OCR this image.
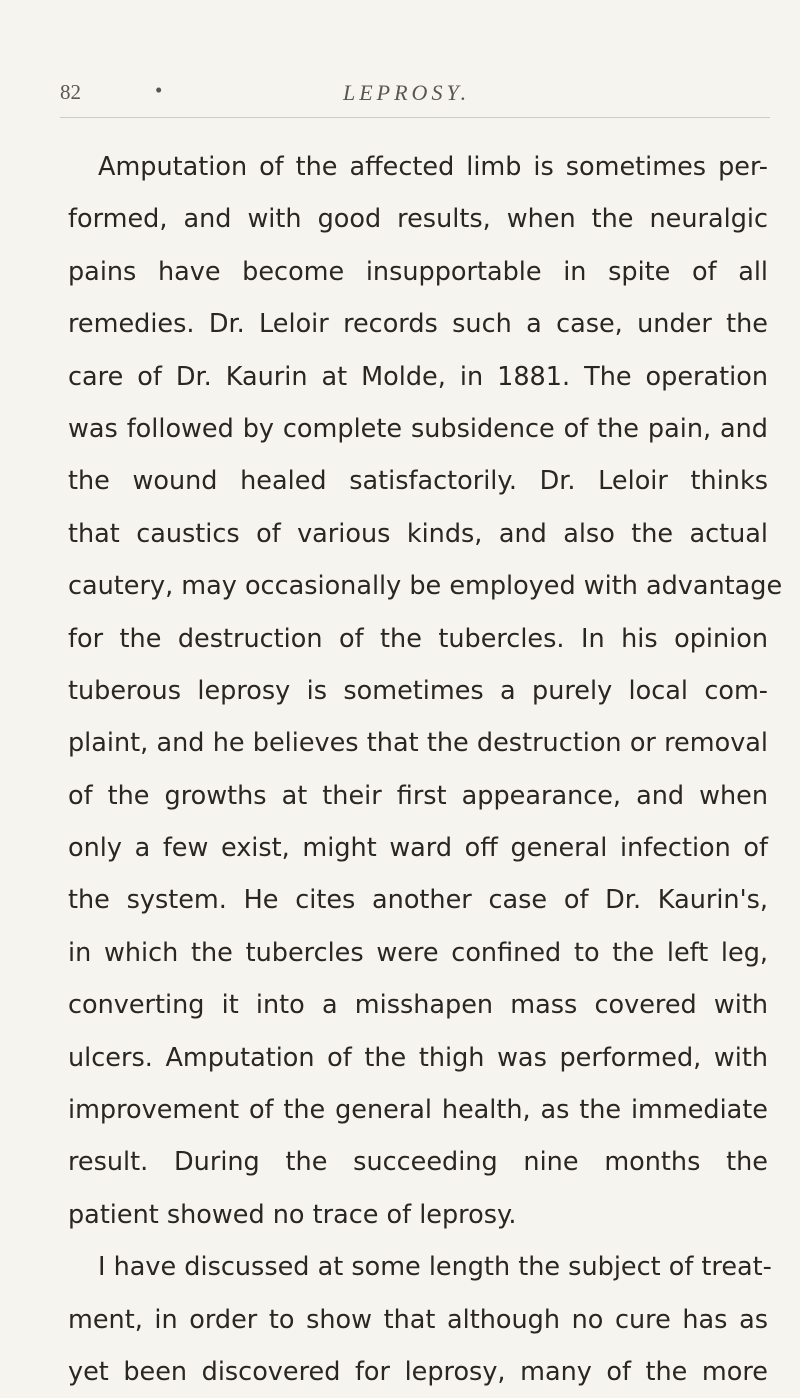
82	•	LEPROSY.
Amputation of the affected limb is sometimes per-
formed, and with good results, when the neuralgic
pains have become insupportable in spite of all
remedies. Dr. Leloir records such a case, under the
care of Dr. Kaurin at Molde, in 1881. The operation
was followed by complete subsidence of the pain, and
the wound healed satisfactorily. Dr. Leloir thinks
that caustics of various kinds, and also the actual
cautery, may occasionally be employed with advantage
for the destruction of the tubercles. In his opinion
tuberous leprosy is sometimes a purely local com-
plaint, and he believes that the destruction or removal
of the growths at their first appearance, and when
only a few exist, might ward off general infection of
the system. He cites another case of Dr. Kaurin's,
in which the tubercles were confined to the left leg,
converting it into a misshapen mass covered with
ulcers. Amputation of the thigh was performed, with
improvement of the general health, as the immediate
result. During the succeeding nine months the
patient showed no trace of leprosy.
I have discussed at some length the subject of treat-
ment, in order to show that although no cure has as
yet been discovered for leprosy, many of the more
